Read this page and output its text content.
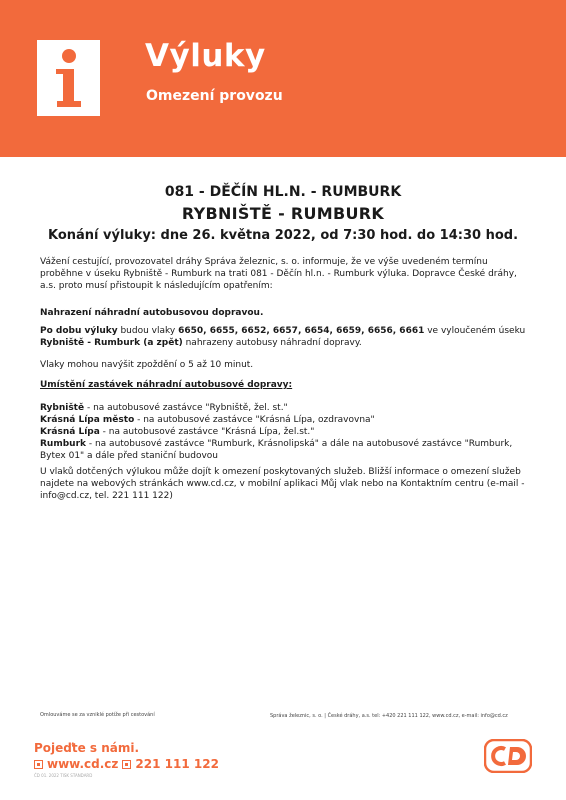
Výluky
Omezení provozu
081 - DĚČÍN HL.N. - RUMBURK
RYBNIŠTĚ - RUMBURK
Konání výluky: dne 26. května 2022, od 7:30 hod. do 14:30 hod.
Vážení cestující, provozovatel dráhy Správa železnic, s. o. informuje, že ve výše uvedeném termínu proběhne v úseku Rybniště - Rumburk na trati 081 - Děčín hl.n. - Rumburk výluka. Dopravce České dráhy, a.s. proto musí přistoupit k následujícím opatřením:
Nahrazení náhradní autobusovou dopravou.
Po dobu výluky budou vlaky 6650, 6655, 6652, 6657, 6654, 6659, 6656, 6661 ve vyloučeném úseku Rybniště - Rumburk (a zpět) nahrazeny autobusy náhradní dopravy.
Vlaky mohou navýšit zpoždění o 5 až 10 minut.
Umístění zastávek náhradní autobusové dopravy:
Rybniště - na autobusové zastávce "Rybniště, žel. st."
Krásná Lípa město - na autobusové zastávce "Krásná Lípa, ozdravovna"
Krásná Lípa - na autobusové zastávce "Krásná Lípa, žel.st."
Rumburk - na autobusové zastávce "Rumburk, Krásnolipská" a dále na autobusové zastávce "Rumburk, Bytex 01" a dále před staniční budovou
U vlaků dotčených výlukou může dojít k omezení poskytovaných služeb. Bližší informace o omezení služeb najdete na webových stránkách www.cd.cz, v mobilní aplikaci Můj vlak nebo na Kontaktním centru (e-mail - info@cd.cz, tel. 221 111 122)
Omlouváme se za vzniklé potíže při cestování	Správa železnic, s. o. | České dráhy, a.s. tel: +420 221 111 122, www.cd.cz, e-mail: info@cd.cz
Pojeďte s námi.
www.cd.cz 221 111 122
ČD 01. 2022 TISK STANDARD
